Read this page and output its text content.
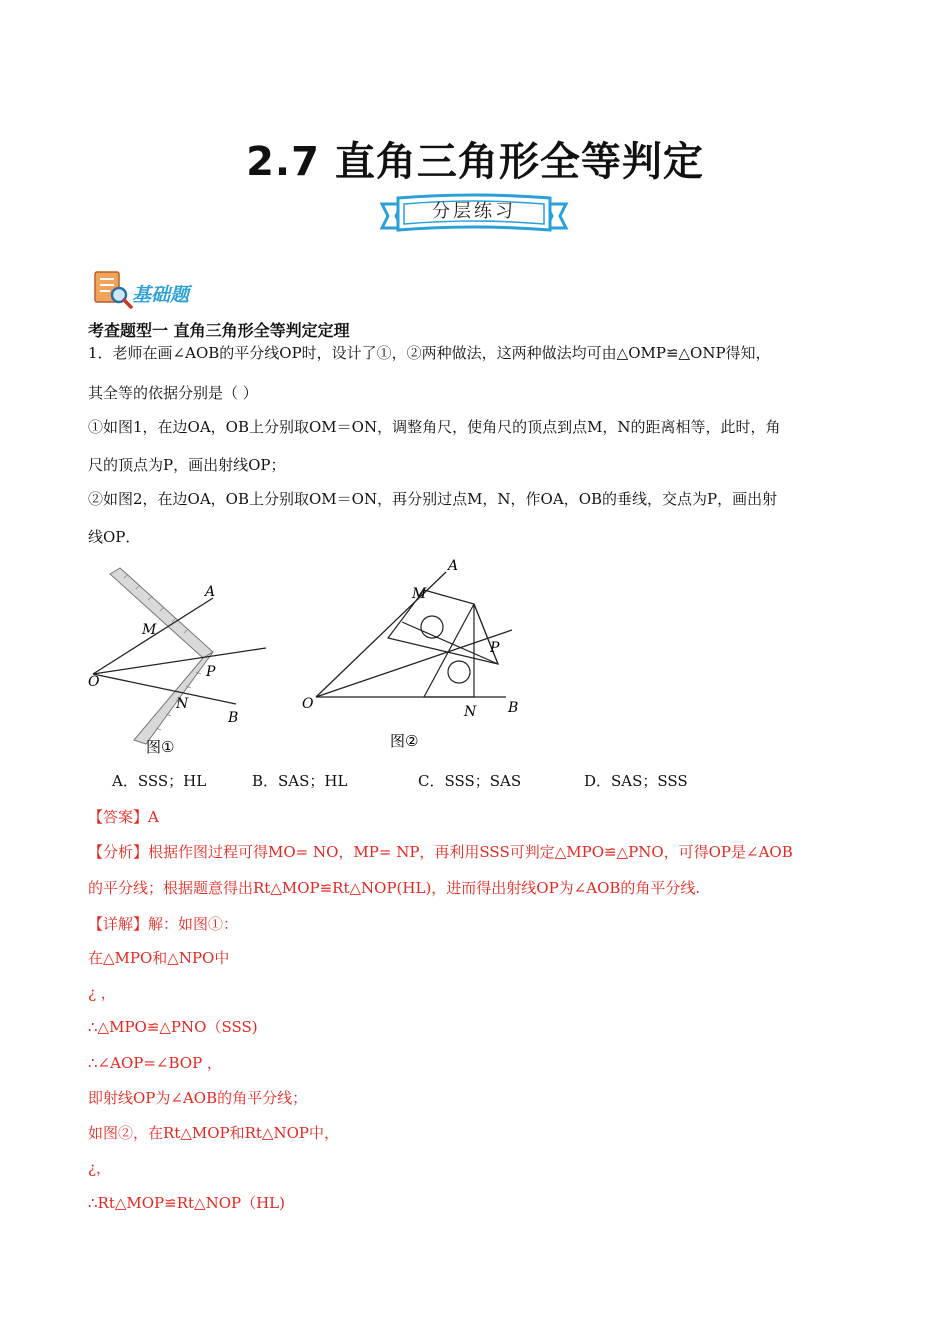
2.7 直角三角形全等判定
分层练习
基础题
考查题型一 直角三角形全等判定定理
1．老师在画∠AOB的平分线OP时，设计了①，②两种做法，这两种做法均可由△OMP≌△ONP得知，
其全等的依据分别是（ ）
①如图1，在边OA，OB上分别取OM＝ON，调整角尺，使角尺的顶点到点M，N的距离相等，此时，角
尺的顶点为P，画出射线OP；
②如图2，在边OA，OB上分别取OM＝ON，再分别过点M，N，作OA，OB的垂线，交点为P，画出射
线OP．
A
M
P
O
N
B
图①
A
M
P
O	N B
图②
A．SSS；HL	B．SAS；HL	C．SSS；SAS	D．SAS；SSS
【答案】A
【分析】根据作图过程可得MO= NO，MP= NP，再利用SSS可判定△MPO≌△PNO，可得OP是∠AOB
的平分线；根据题意得出Rt△MOP≌Rt△NOP(HL)，进而得出射线OP为∠AOB的角平分线.
【详解】解：如图①：
在△MPO和△NPO中
¿ ，
∴△MPO≌△PNO（SSS)
∴∠AOP=∠BOP ，
即射线OP为∠AOB的角平分线；
如图②，在Rt△MOP和Rt△NOP中，
¿，
∴Rt△MOP≌Rt△NOP（HL)
